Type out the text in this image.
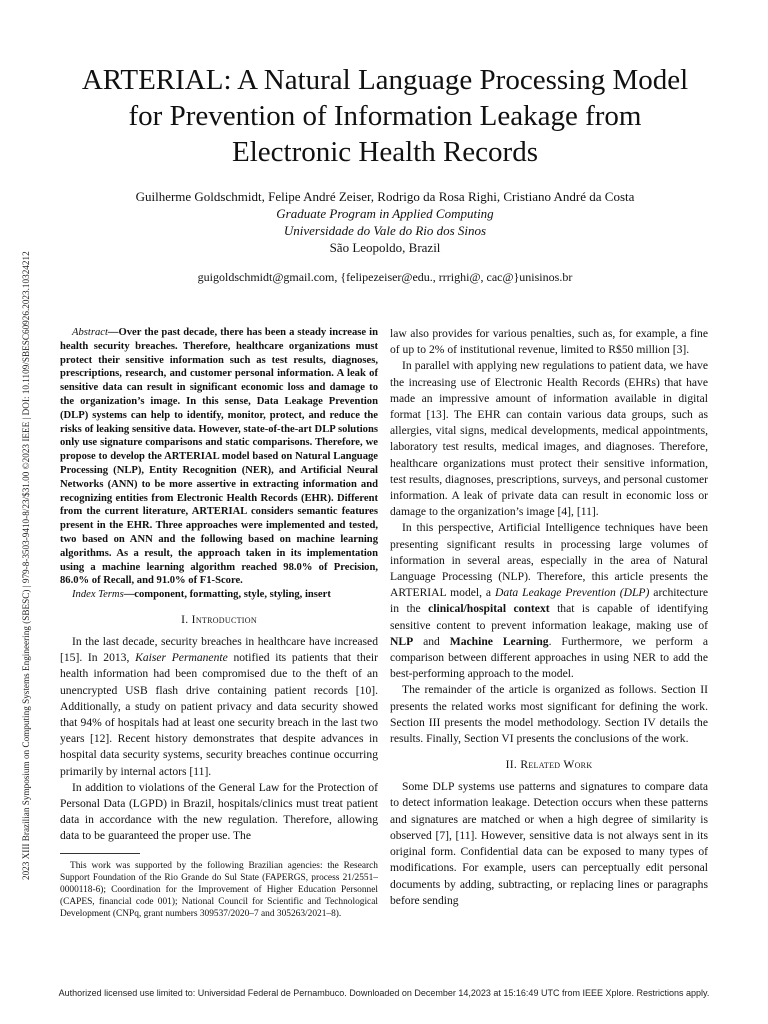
2023 XIII Brazilian Symposium on Computing Systems Engineering (SBESC) | 979-8-3503-9410-8/23/$31.00 ©2023 IEEE | DOI: 10.1109/SBESC60926.2023.10324212
ARTERIAL: A Natural Language Processing Model
for Prevention of Information Leakage from
Electronic Health Records
Guilherme Goldschmidt, Felipe André Zeiser, Rodrigo da Rosa Righi, Cristiano André da Costa
Graduate Program in Applied Computing
Universidade do Vale do Rio dos Sinos
São Leopoldo, Brazil
guigoldschmidt@gmail.com, {felipezeiser@edu., rrrighi@, cac@}unisinos.br

Abstract—Over the past decade, there has been a steady increase in health security breaches. Therefore, healthcare organizations must protect their sensitive information such as test results, diagnoses, prescriptions, research, and customer personal information. A leak of sensitive data can result in significant economic loss and damage to the organization’s image. In this sense, Data Leakage Prevention (DLP) systems can help to identify, monitor, protect, and reduce the risks of leaking sensitive data. However, state-of-the-art DLP solutions only use signature comparisons and static comparisons. Therefore, we propose to develop the ARTERIAL model based on Natural Language Processing (NLP), Entity Recognition (NER), and Artificial Neural Networks (ANN) to be more assertive in extracting information and recognizing entities from Electronic Health Records (EHR). Different from the current literature, ARTERIAL considers semantic features present in the EHR. Three approaches were implemented and tested, two based on ANN and the following based on machine learning algorithms. As a result, the approach taken in its implementation using a machine learning algorithm reached 98.0% of Precision, 86.0% of Recall, and 91.0% of F1-Score.

Index Terms—component, formatting, style, styling, insert

I. Introduction

In the last decade, security breaches in healthcare have increased [15]. In 2013, Kaiser Permanente notified its patients that their health information had been compromised due to the theft of an unencrypted USB flash drive containing patient records [10]. Additionally, a study on patient privacy and data security showed that 94% of hospitals had at least one security breach in the last two years [12]. Recent history demonstrates that despite advances in hospital data security systems, security breaches continue occurring primarily by internal actors [11].

In addition to violations of the General Law for the Protection of Personal Data (LGPD) in Brazil, hospitals/clinics must treat patient data in accordance with the new regulation. Therefore, allowing data to be guaranteed the proper use. The

This work was supported by the following Brazilian agencies: the Research Support Foundation of the Rio Grande do Sul State (FAPERGS, process 21/2551–0000118-6); Coordination for the Improvement of Higher Education Personnel (CAPES, financial code 001); National Council for Scientific and Technological Development (CNPq, grant numbers 309537/2020–7 and 305263/2021–8).

law also provides for various penalties, such as, for example, a fine of up to 2% of institutional revenue, limited to R$50 million [3].

In parallel with applying new regulations to patient data, we have the increasing use of Electronic Health Records (EHRs) that have made an impressive amount of information available in digital format [13]. The EHR can contain various data groups, such as allergies, vital signs, medical developments, medical appointments, laboratory test results, medical images, and diagnoses. Therefore, healthcare organizations must protect their sensitive information, test results, diagnoses, prescriptions, surveys, and personal customer information. A leak of private data can result in economic loss or damage to the organization’s image [4], [11].

In this perspective, Artificial Intelligence techniques have been presenting significant results in processing large volumes of information in several areas, especially in the area of Natural Language Processing (NLP). Therefore, this article presents the ARTERIAL model, a Data Leakage Prevention (DLP) architecture in the clinical/hospital context that is capable of identifying sensitive content to prevent information leakage, making use of NLP and Machine Learning. Furthermore, we perform a comparison between different approaches in using NER to add the best-performing approach to the model.

The remainder of the article is organized as follows. Section II presents the related works most significant for defining the work. Section III presents the model methodology. Section IV details the results. Finally, Section VI presents the conclusions of the work.

II. Related Work

Some DLP systems use patterns and signatures to compare data to detect information leakage. Detection occurs when these patterns and signatures are matched or when a high degree of similarity is observed [7], [11]. However, sensitive data is not always sent in its original form. Confidential data can be exposed to many types of modifications. For example, users can perceptually edit personal documents by adding, subtracting, or replacing lines or paragraphs before sending

Authorized licensed use limited to: Universidad Federal de Pernambuco. Downloaded on December 14,2023 at 15:16:49 UTC from IEEE Xplore. Restrictions apply.
